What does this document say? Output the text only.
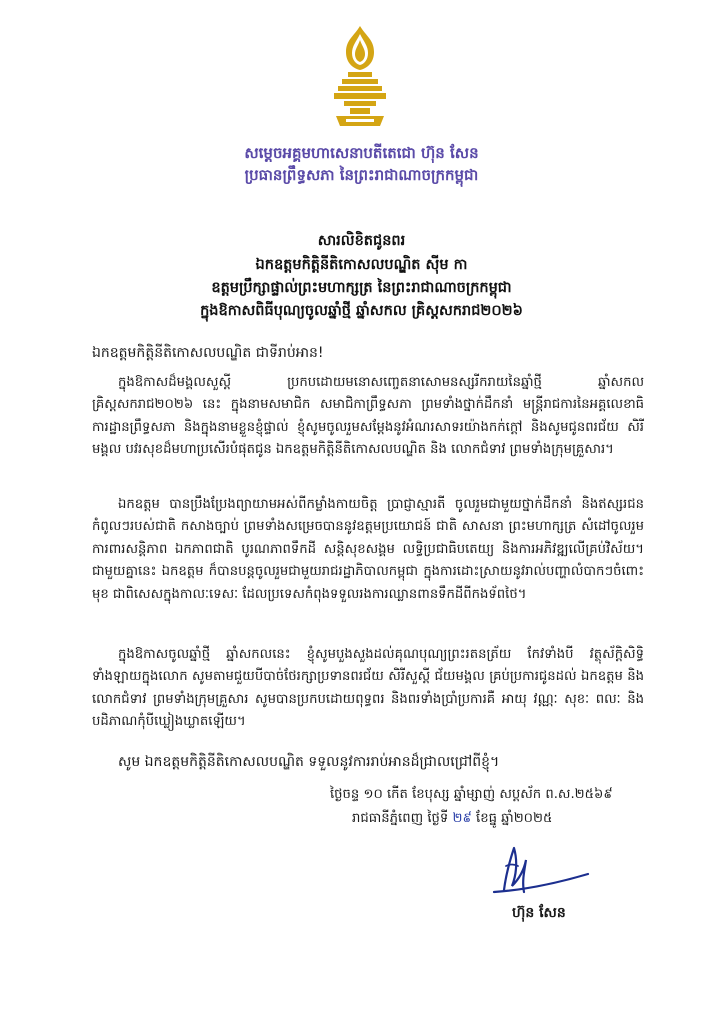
សម្តេចអគ្គមហាសេនាបតីតេជោ ហ៊ុន សែន
ប្រធានព្រឹទ្ធសភា នៃព្រះរាជាណាចក្រកម្ពុជា
សារលិខិតជូនពរ
ឯកឧត្តមកិត្តិនីតិកោសលបណ្ឌិត ស៊ីម កា
ឧត្តមប្រឹក្សាផ្ទាល់ព្រះមហាក្សត្រ នៃព្រះរាជាណាចក្រកម្ពុជា
ក្នុងឱកាសពិធីបុណ្យចូលឆ្នាំថ្មី ឆ្នាំសកល គ្រិស្តសករាជ២០២៦
ឯកឧត្តមកិត្តិនីតិកោសលបណ្ឌិត ជាទីរាប់អាន!
ក្នុងឱកាសដ៏មង្គលសួស្តី ប្រកបដោយមនោសញ្ចេតនាសោមនស្សរីករាយនៃឆ្នាំថ្មី ឆ្នាំសកល គ្រិស្តសករាជ២០២៦ នេះ ក្នុងនាមសមាជិក សមាជិកាព្រឹទ្ធសភា ព្រមទាំងថ្នាក់ដឹកនាំ មន្ត្រីរាជការនៃអគ្គលេខាធិការដ្ឋានព្រឹទ្ធសភា និងក្នុងនាមខ្លួនខ្ញុំផ្ទាល់ ខ្ញុំសូមចូលរួមសម្តែងនូវអំណរសាទរយ៉ាងកក់ក្តៅ និងសូមជូនពរជ័យ សិរីមង្គល បវរសុខដ៏មហាប្រសើរបំផុតជូន ឯកឧត្តមកិត្តិនីតិកោសលបណ្ឌិត និង លោកជំទាវ ព្រមទាំងក្រុមគ្រួសារ។
ឯកឧត្តម បានប្រឹងប្រែងព្យាយាមអស់ពីកម្លាំងកាយចិត្ត ប្រាជ្ញាស្មារតី ចូលរួមជាមួយថ្នាក់ដឹកនាំ និងឥស្សរជនកំពូលៗរបស់ជាតិ កសាងច្បាប់ ព្រមទាំងសម្រេចបាននូវឧត្តមប្រយោជន៍ ជាតិ សាសនា ព្រះមហាក្សត្រ សំដៅចូលរួមការពារសន្តិភាព ឯកភាពជាតិ បូរណភាពទឹកដី សន្តិសុខសង្គម លទ្ធិប្រជាធិបតេយ្យ និងការអភិវឌ្ឍលើគ្រប់វិស័យ។ ជាមួយគ្នានេះ ឯកឧត្តម ក៏បានបន្តចូលរួមជាមួយរាជរដ្ឋាភិបាលកម្ពុជា ក្នុងការដោះស្រាយនូវរាល់បញ្ហាលំបាកៗចំពោះមុខ ជាពិសេសក្នុងកាលៈទេសៈ ដែលប្រទេសកំពុងទទួលរងការឈ្លានពានទឹកដីពីកងទ័ពថៃ។
ក្នុងឱកាសចូលឆ្នាំថ្មី ឆ្នាំសកលនេះ ខ្ញុំសូមបួងសួងដល់គុណបុណ្យព្រះរតនត្រ័យ កែវទាំងបី វត្ថុស័ក្តិសិទ្ធិទាំងឡាយក្នុងលោក សូមតាមជួយបីបាច់ថែរក្សាប្រទានពរជ័យ សិរីសួស្តី ជ័យមង្គល គ្រប់ប្រការជូនដល់ ឯកឧត្តម និងលោកជំទាវ ព្រមទាំងក្រុមគ្រួសារ សូមបានប្រកបដោយពុទ្ធពរ និងពរទាំងប្រាំប្រការគឺ អាយុ វណ្ណៈ សុខៈ ពលៈ និងបដិភាណកុំបីឃ្លៀងឃ្លាតឡើយ។
សូម ឯកឧត្តមកិត្តិនីតិកោសលបណ្ឌិត ទទួលនូវការរាប់អានដ៏ជ្រាលជ្រៅពីខ្ញុំ។
ថ្ងៃចន្ទ ១០ កើត ខែបុស្ស ឆ្នាំម្សាញ់ សប្តស័ក ព.ស.២៥៦៩
រាជធានីភ្នំពេញ ថ្ងៃទី ២៩ ខែធ្នូ ឆ្នាំ២០២៥
ហ៊ុន សែន
